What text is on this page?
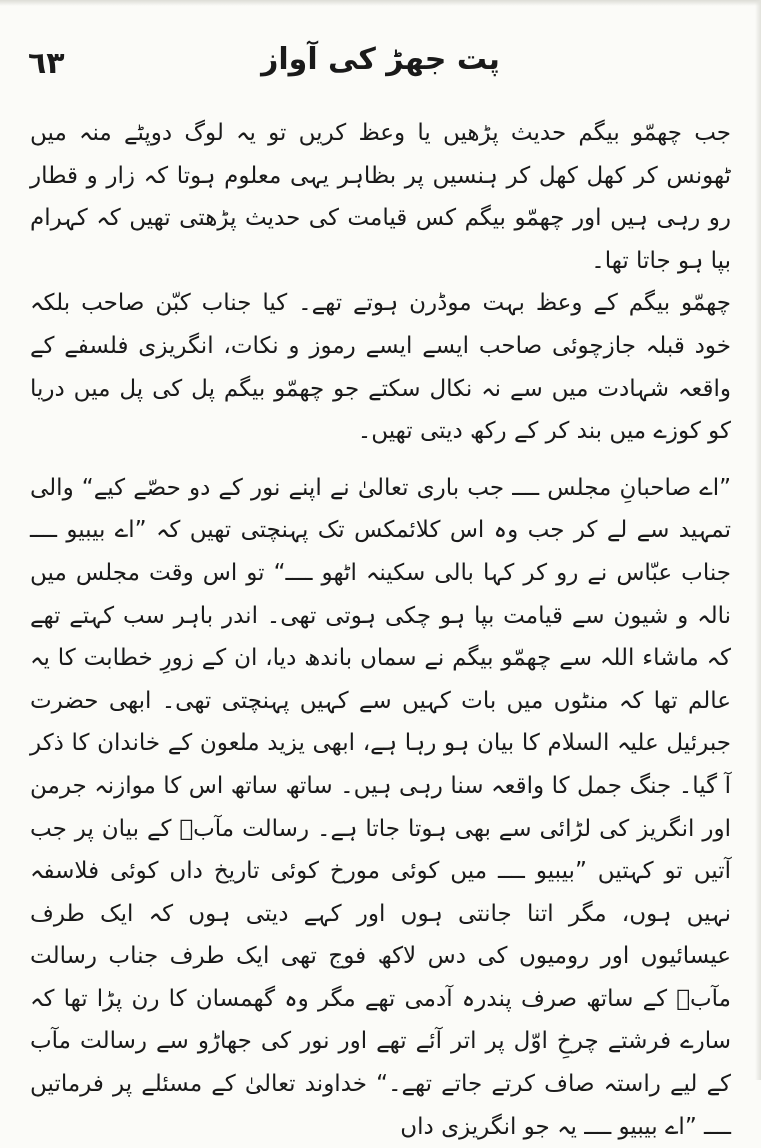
٦٣	پت جھڑ کی آواز

جب چھمّو بیگم حدیث پڑھیں یا وعظ کریں تو یہ لوگ دوپٹے منہ میں ٹھونس کر کھل کھل کر ہنسیں پر بظاہر یہی معلوم ہوتا کہ زار و قطار رو رہی ہیں اور چھمّو بیگم کس قیامت کی حدیث پڑھتی تھیں کہ کہرام بپا ہو جاتا تھا۔

چھمّو بیگم کے وعظ بہت موڈرن ہوتے تھے۔ کیا جناب کبّن صاحب بلکہ خود قبلہ جازچوئی صاحب ایسے ایسے رموز و نکات، انگریزی فلسفے کے واقعہ شہادت میں سے نہ نکال سکتے جو چھمّو بیگم پل کی پل میں دریا کو کوزے میں بند کر کے رکھ دیتی تھیں۔

”اے صاحبانِ مجلس ــــ جب باری تعالیٰ نے اپنے نور کے دو حصّے کیے“ والی تمہید سے لے کر جب وہ اس کلائمکس تک پہنچتی تھیں کہ ”اے بیبیو ــــ جناب عبّاس نے رو کر کہا بالی سکینہ اٹھو ــــ“ تو اس وقت مجلس میں نالہ و شیون سے قیامت بپا ہو چکی ہوتی تھی۔ اندر باہر سب کہتے تھے کہ ماشاء اللہ سے چھمّو بیگم نے سماں باندھ دیا، ان کے زورِ خطابت کا یہ عالم تھا کہ منٹوں میں بات کہیں سے کہیں پہنچتی تھی۔ ابھی حضرت جبرئیل علیہ السلام کا بیان ہو رہا ہے، ابھی یزید ملعون کے خاندان کا ذکر آ گیا۔ جنگ جمل کا واقعہ سنا رہی ہیں۔ ساتھ ساتھ اس کا موازنہ جرمن اور انگریز کی لڑائی سے بھی ہوتا جاتا ہے۔ رسالت مآبؐ کے بیان پر جب آتیں تو کہتیں ”بیبیو ــــ میں کوئی مورخ کوئی تاریخ داں کوئی فلاسفہ نہیں ہوں، مگر اتنا جانتی ہوں اور کہے دیتی ہوں کہ ایک طرف عیسائیوں اور رومیوں کی دس لاکھ فوج تھی ایک طرف جناب رسالت مآبؐ کے ساتھ صرف پندرہ آدمی تھے مگر وہ گھمسان کا رن پڑا تھا کہ سارے فرشتے چرخِ اوّل پر اتر آئے تھے اور نور کی جھاڑو سے رسالت مآب کے لیے راستہ صاف کرتے جاتے تھے۔“ خداوند تعالیٰ کے مسئلے پر فرماتیں ــــ ”اے بیبیو ــــ یہ جو انگریزی داں
